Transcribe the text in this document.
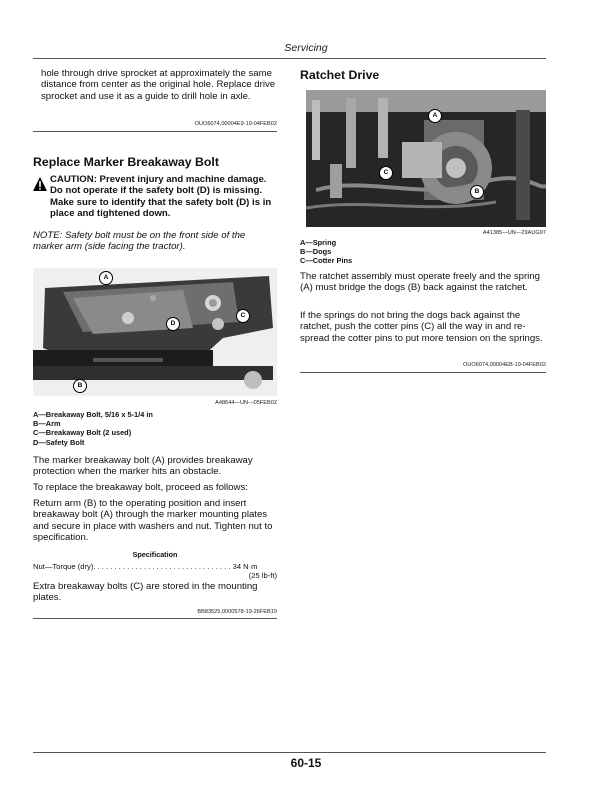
Servicing
hole through drive sprocket at approximately the same distance from center as the original hole. Replace drive sprocket and use it as a guide to drill hole in axle.
OUO6074,00004E9-19-04FEB02
Replace Marker Breakaway Bolt
CAUTION: Prevent injury and machine damage. Do not operate if the safety bolt (D) is missing. Make sure to identify that the safety bolt (D) is in place and tightened down.
NOTE: Safety bolt must be on the front side of the marker arm (side facing the tractor).
A
B
C
D
A48644—UN—05FEB02
A—Breakaway Bolt, 5/16 x 5-1/4 in
B—Arm
C—Breakaway Bolt (2 used)
D—Safety Bolt
The marker breakaway bolt (A) provides breakaway protection when the marker hits an obstacle.
To replace the breakaway bolt, proceed as follows:
Return arm (B) to the operating position and insert breakaway bolt (A) through the marker mounting plates and secure in place with washers and nut. Tighten nut to specification.
Specification
Nut—Torque (dry). . . . . . . . . . . . . . . . . . . . . . . . . . . . . . . . . 34 N·m
(25 lb-ft)
Extra breakaway bolts (C) are stored in the mounting plates.
BB83525,0000578-19-26FEB19
Ratchet Drive
A
B
C
A41385—UN—29AUG97
A—Spring
B—Dogs
C—Cotter Pins
The ratchet assembly must operate freely and the spring (A) must bridge the dogs (B) back against the ratchet.
If the springs do not bring the dogs back against the ratchet, push the cotter pins (C) all the way in and re-spread the cotter pins to put more tension on the springs.
OUO6074,00004EB-19-04FEB02
60-15
